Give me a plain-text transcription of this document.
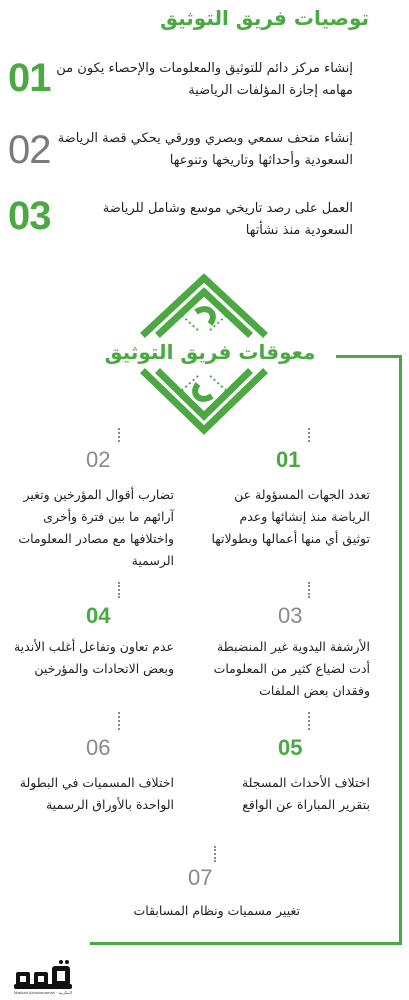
توصيات فريق التوثيق
01 إنشاء مركز دائم للتوثيق والمعلومات والإحصاء يكون من مهامه إجازة المؤلفات الرياضية
02 إنشاء متحف سمعي وبصري وورقي يحكي قصة الرياضة السعودية وأحداثها وتاريخها وتنوعها
03	العمل على رصد تاريخي موسع وشامل للرياضة السعودية منذ نشأتها
معوقات فريق التوثيق
01
تعدد الجهات المسؤولة عن الرياضة منذ إنشائها وعدم توثيق أي منها أعمالها وبطولاتها
02
تضارب أقوال المؤرخين وتغير آرائهم ما بين فترة وأخرى واختلافها مع مصادر المعلومات الرسمية
03
الأرشفة اليدوية غير المنضبطة أدت لضياع كثير من المعلومات وفقدان بعض الملفات
04
عدم تعاون وتفاعل أغلب الأندية وبعض الاتحادات والمؤرخين
05
اختلاف الأحداث المسجلة بتقرير المباراة عن الواقع
06
اختلاف المسميات في البطولة الواحدة بالأوراق الرسمية
07
تغيير مسميات ونظام المسابقات
Makkah Almukarramah · المكرمة
